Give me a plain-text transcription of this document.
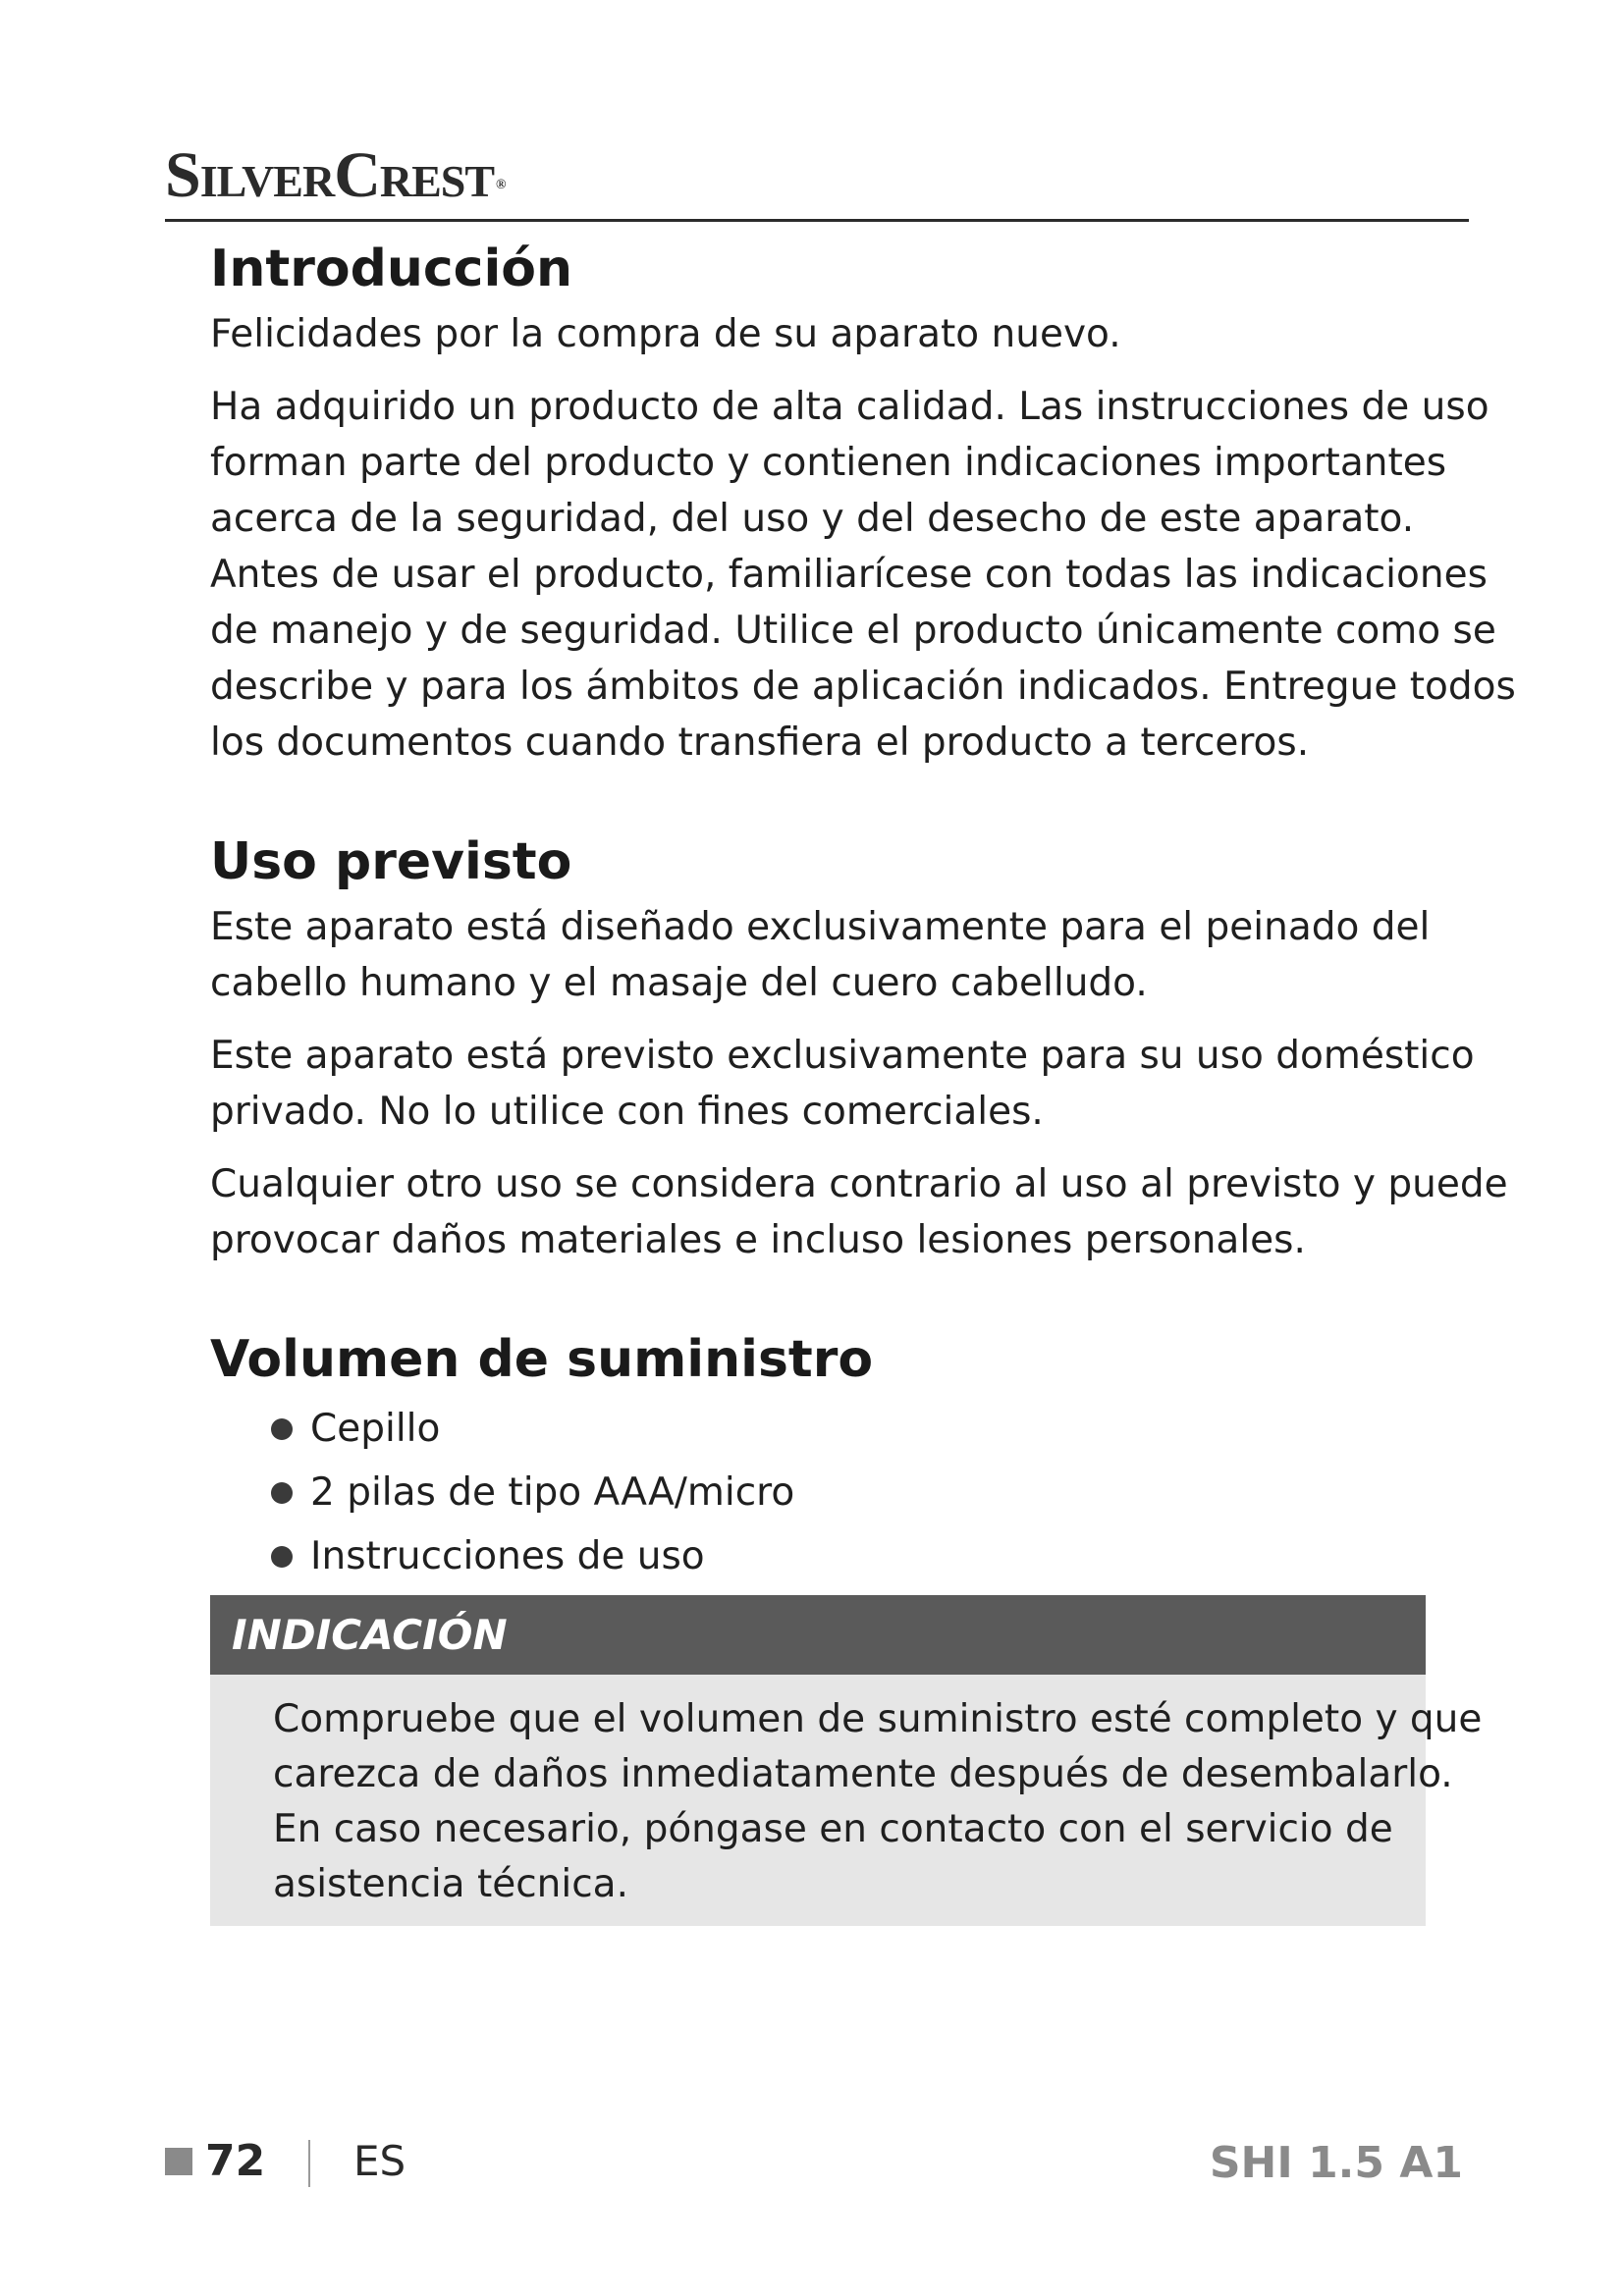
SilverCrest ®
Introducción

Felicidades por la compra de su aparato nuevo.

Ha adquirido un producto de alta calidad. Las instrucciones de uso

forman parte del producto y contienen indicaciones importantes

acerca de la seguridad, del uso y del desecho de este aparato.

Antes de usar el producto, familiarícese con todas las indicaciones

de manejo y de seguridad. Utilice el producto únicamente como se

describe y para los ámbitos de aplicación indicados. Entregue todos

los documentos cuando transfiera el producto a terceros.

Uso previsto

Este aparato está diseñado exclusivamente para el peinado del

cabello humano y el masaje del cuero cabelludo.

Este aparato está previsto exclusivamente para su uso doméstico

privado. No lo utilice con fines comerciales.

Cualquier otro uso se considera contrario al uso al previsto y puede

provocar daños materiales e incluso lesiones personales.

Volumen de suministro
Cepillo
2 pilas de tipo AAA/micro
Instrucciones de uso
INDICACIÓN

Compruebe que el volumen de suministro esté completo y que

carezca de daños inmediatamente después de desembalarlo.

En caso necesario, póngase en contacto con el servicio de

asistencia técnica.

72 ES	SHI 1.5 A1
